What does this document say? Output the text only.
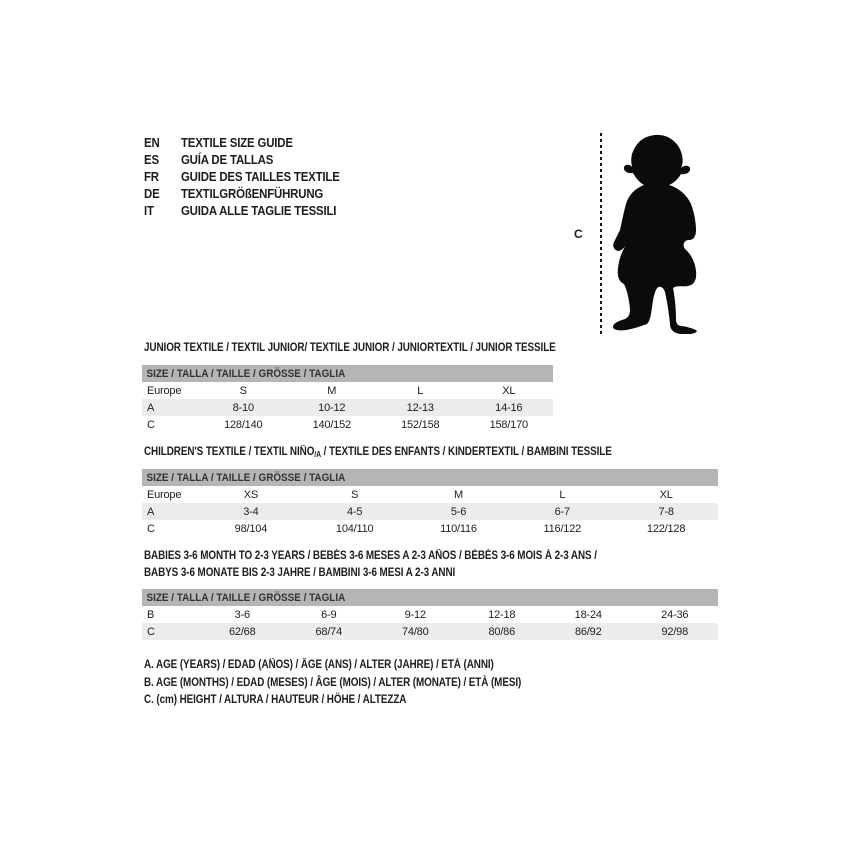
EN	TEXTILE SIZE GUIDE
ES	GUÍA DE TALLAS
FR	GUIDE DES TAILLES TEXTILE
DE	TEXTILGRÖßENFÜHRUNG
IT	GUIDA ALLE TAGLIE TESSILI
C
JUNIOR TEXTILE / TEXTIL JUNIOR/ TEXTILE JUNIOR / JUNIORTEXTIL / JUNIOR TESSILE
SIZE / TALLA / TAILLE / GRÖSSE / TAGLIA
Europe	S	M	L	XL
A	8-10	10-12	12-13	14-16
C	128/140	140/152	152/158	158/170
CHILDREN'S TEXTILE / TEXTIL $NIÑO_{/A}$ / TEXTILE DES ENFANTS / KINDERTEXTIL / BAMBINI TESSILE
SIZE / TALLA / TAILLE / GRÖSSE / TAGLIA
Europe	XS	S	M	L	XL
A	3-4	4-5	5-6	6-7	7-8
C	98/104	104/110	110/116	116/122	122/128
BABIES 3-6 MONTH TO 2-3 YEARS / BEBÉS 3-6 MESES A 2-3 AÑOS / BÉBÉS 3-6 MOIS À 2-3 ANS /
BABYS 3-6 MONATE BIS 2-3 JAHRE / BAMBINI 3-6 MESI A 2-3 ANNI
SIZE / TALLA / TAILLE / GRÖSSE / TAGLIA
B	3-6	6-9	9-12	12-18	18-24	24-36
C	62/68	68/74	74/80	80/86	86/92	92/98
A. AGE (YEARS) / EDAD (AÑOS) / ÂGE (ANS) / ALTER (JAHRE) / ETÀ (ANNI)
B. AGE (MONTHS) / EDAD (MESES) / ÂGE (MOIS) / ALTER (MONATE) / ETÀ (MESI)
C. (cm) HEIGHT / ALTURA / HAUTEUR / HÖHE / ALTEZZA
